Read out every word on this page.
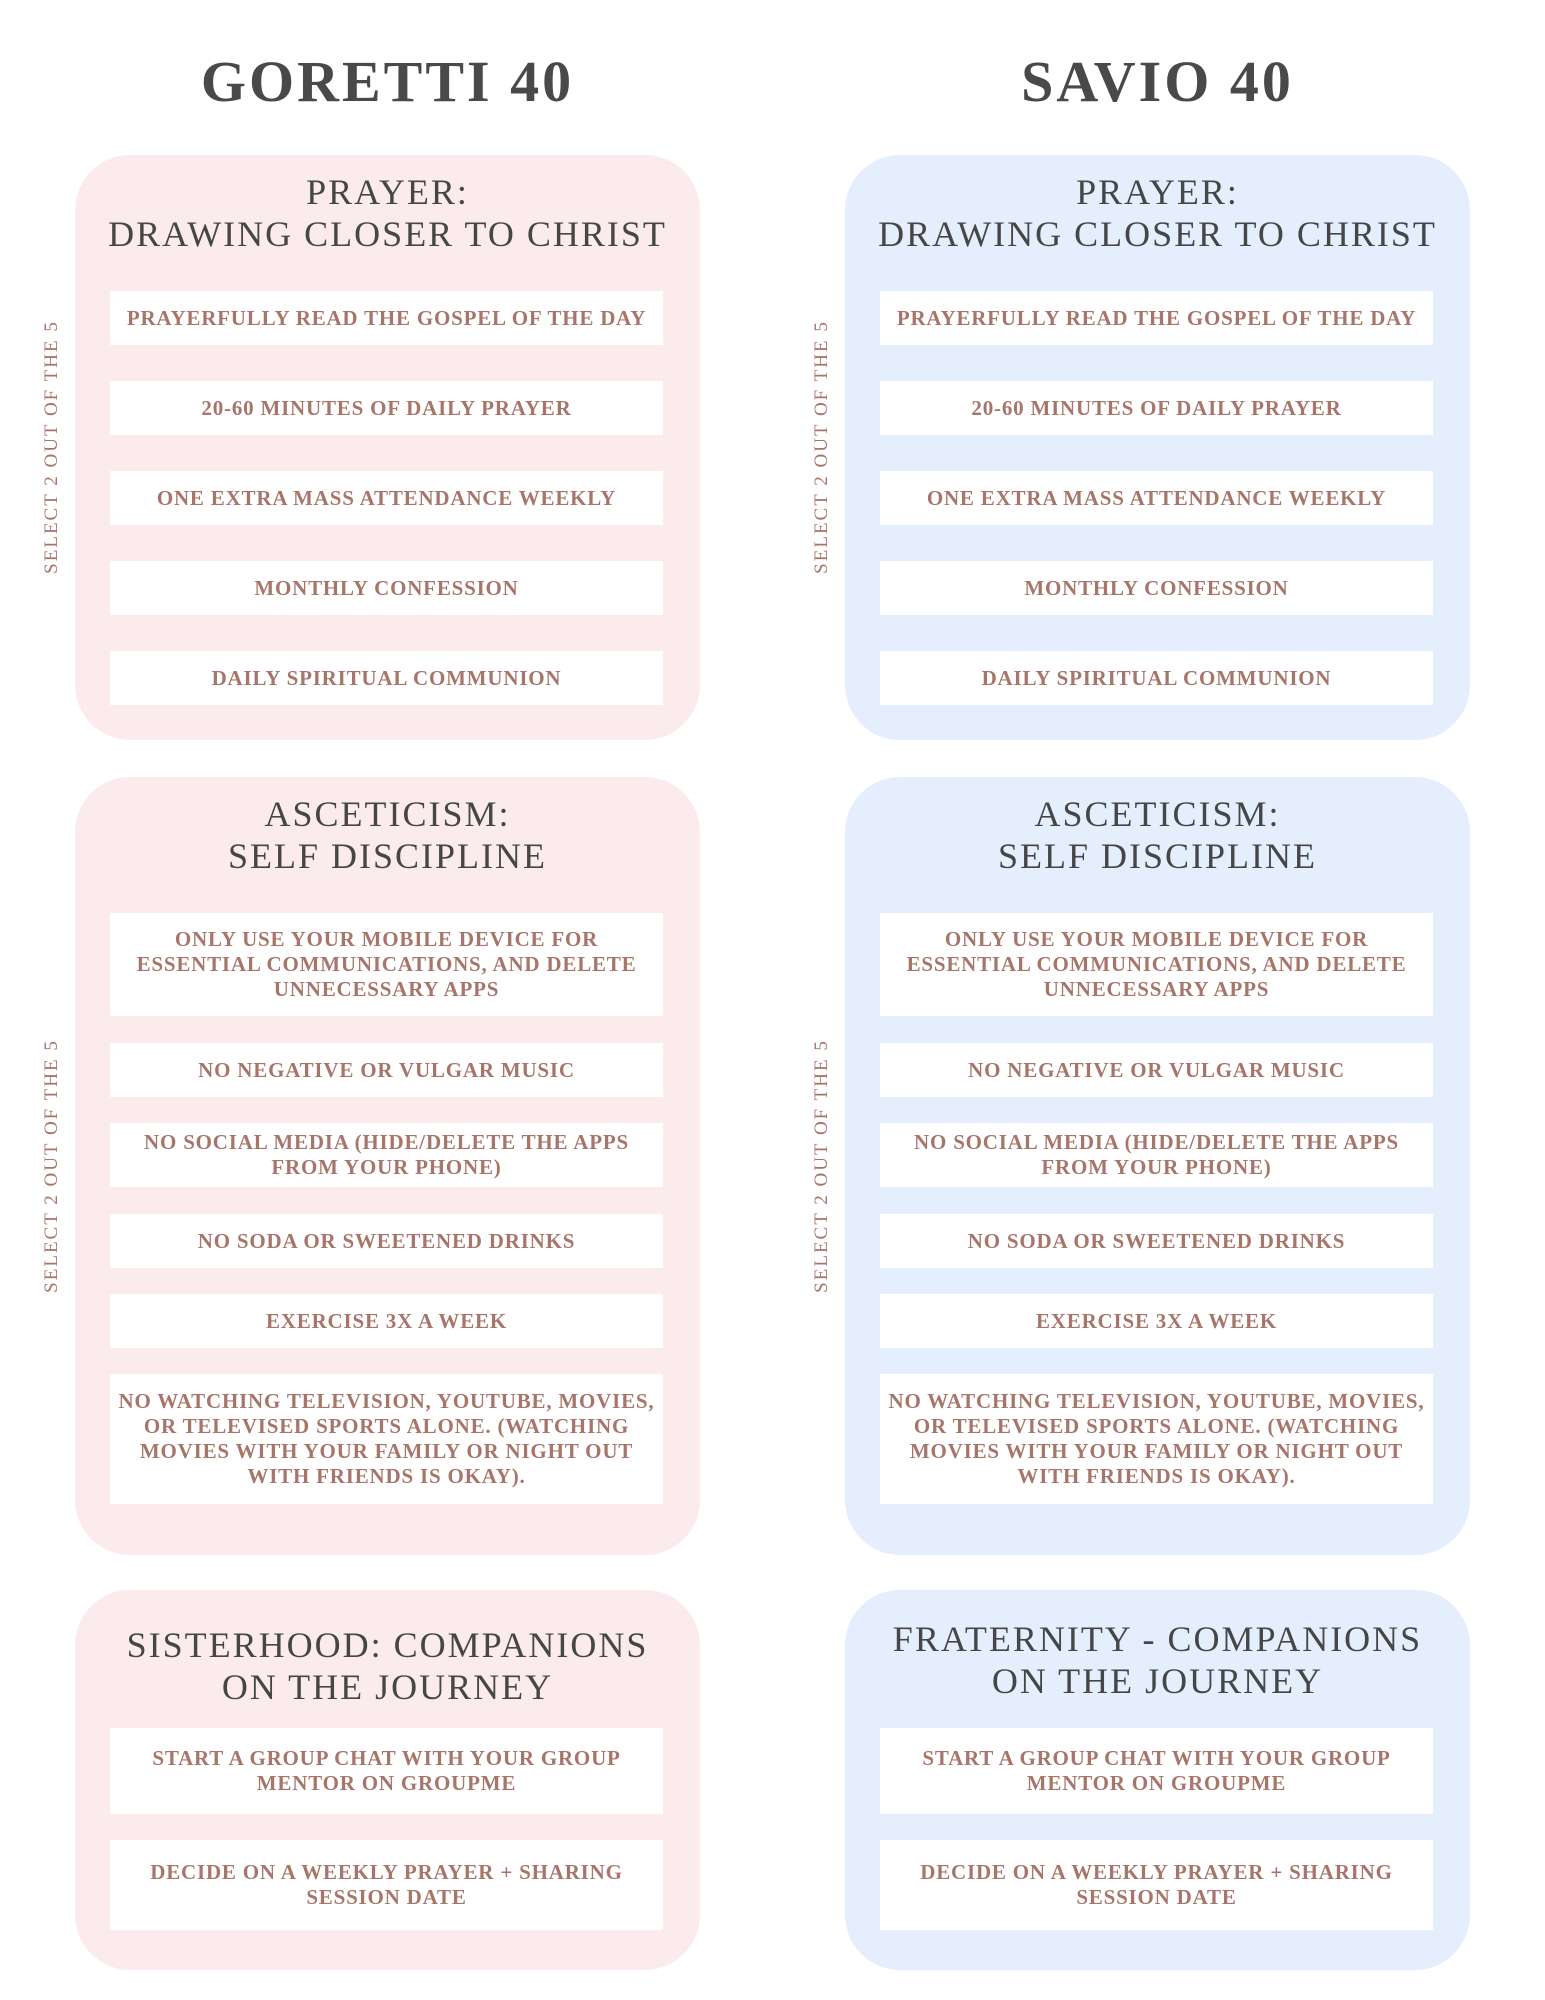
GORETTI 40
PRAYER:
DRAWING CLOSER TO CHRIST
PRAYERFULLY READ THE GOSPEL OF THE DAY
20-60 MINUTES OF DAILY PRAYER
ONE EXTRA MASS ATTENDANCE WEEKLY
MONTHLY CONFESSION
DAILY SPIRITUAL COMMUNION
SELECT 2 OUT OF THE 5
ASCETICISM:
SELF DISCIPLINE
ONLY USE YOUR MOBILE DEVICE FOR ESSENTIAL COMMUNICATIONS, AND DELETE UNNECESSARY APPS
NO NEGATIVE OR VULGAR MUSIC
NO SOCIAL MEDIA (HIDE/DELETE THE APPS FROM YOUR PHONE)
NO SODA OR SWEETENED DRINKS
EXERCISE 3X A WEEK
NO WATCHING TELEVISION, YOUTUBE, MOVIES, OR TELEVISED SPORTS ALONE. (WATCHING MOVIES WITH YOUR FAMILY OR NIGHT OUT WITH FRIENDS IS OKAY).
SELECT 2 OUT OF THE 5
SISTERHOOD: COMPANIONS
ON THE JOURNEY
START A GROUP CHAT WITH YOUR GROUP MENTOR ON GROUPME
DECIDE ON A WEEKLY PRAYER + SHARING SESSION DATE
SAVIO 40
PRAYER:
DRAWING CLOSER TO CHRIST
PRAYERFULLY READ THE GOSPEL OF THE DAY
20-60 MINUTES OF DAILY PRAYER
ONE EXTRA MASS ATTENDANCE WEEKLY
MONTHLY CONFESSION
DAILY SPIRITUAL COMMUNION
SELECT 2 OUT OF THE 5
ASCETICISM:
SELF DISCIPLINE
ONLY USE YOUR MOBILE DEVICE FOR ESSENTIAL COMMUNICATIONS, AND DELETE UNNECESSARY APPS
NO NEGATIVE OR VULGAR MUSIC
NO SOCIAL MEDIA (HIDE/DELETE THE APPS FROM YOUR PHONE)
NO SODA OR SWEETENED DRINKS
EXERCISE 3X A WEEK
NO WATCHING TELEVISION, YOUTUBE, MOVIES, OR TELEVISED SPORTS ALONE. (WATCHING MOVIES WITH YOUR FAMILY OR NIGHT OUT WITH FRIENDS IS OKAY).
SELECT 2 OUT OF THE 5
FRATERNITY - COMPANIONS
ON THE JOURNEY
START A GROUP CHAT WITH YOUR GROUP MENTOR ON GROUPME
DECIDE ON A WEEKLY PRAYER + SHARING SESSION DATE
